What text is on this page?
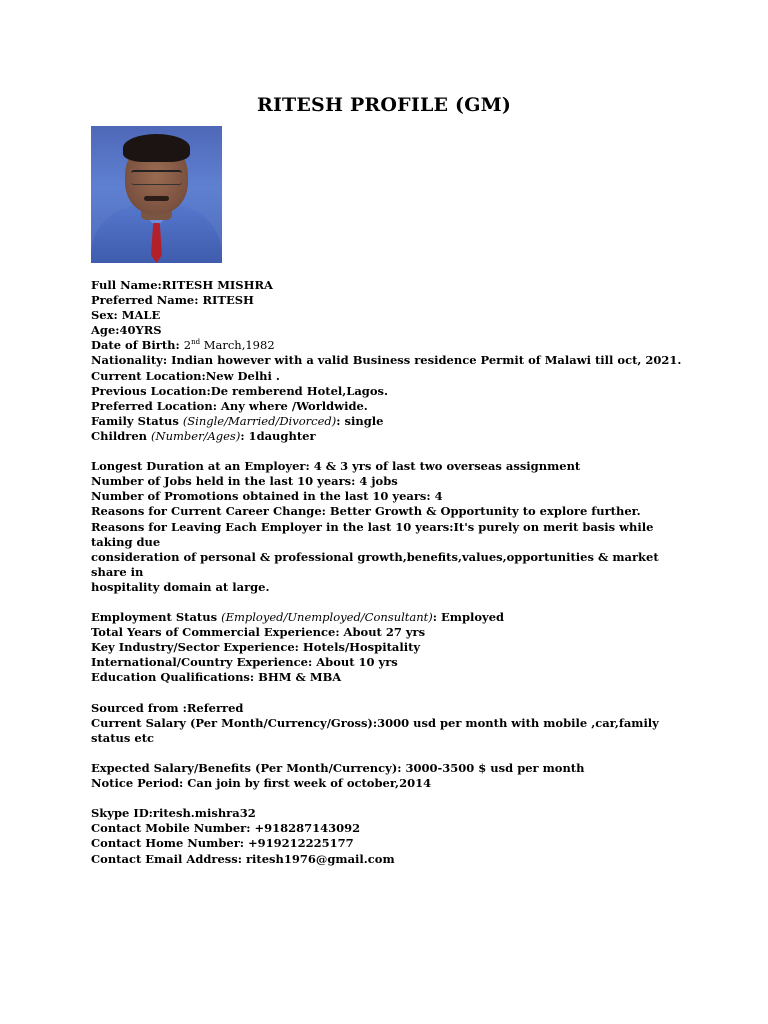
RITESH PROFILE (GM)
Full Name:RITESH MISHRA
Preferred Name: RITESH
Sex: MALE
Age:40YRS
Date of Birth: 2nd March,1982
Nationality: Indian however with a valid Business residence Permit of Malawi till oct, 2021.
Current Location:New Delhi .
Previous Location:De remberend Hotel,Lagos.
Preferred Location: Any where /Worldwide.
Family Status (Single/Married/Divorced): single
Children (Number/Ages): 1daughter
Longest Duration at an Employer: 4 & 3 yrs of last two overseas assignment
Number of Jobs held in the last 10 years: 4 jobs
Number of Promotions obtained in the last 10 years: 4
Reasons for Current Career Change: Better Growth & Opportunity to explore further.
Reasons for Leaving Each Employer in the last 10 years:It's purely on merit basis while taking due
consideration of personal & professional growth,benefits,values,opportunities & market share in
hospitality domain at large.
Employment Status (Employed/Unemployed/Consultant): Employed
Total Years of Commercial Experience: About 27 yrs
Key Industry/Sector Experience: Hotels/Hospitality
International/Country Experience: About 10 yrs
Education Qualifications: BHM & MBA
Sourced from :Referred
Current Salary (Per Month/Currency/Gross):3000 usd per month with mobile ,car,family status etc
Expected Salary/Benefits (Per Month/Currency): 3000-3500 $ usd per month
Notice Period: Can join by first week of october,2014
Skype ID:ritesh.mishra32
Contact Mobile Number: +918287143092
Contact Home Number: +919212225177
Contact Email Address: ritesh1976@gmail.com
